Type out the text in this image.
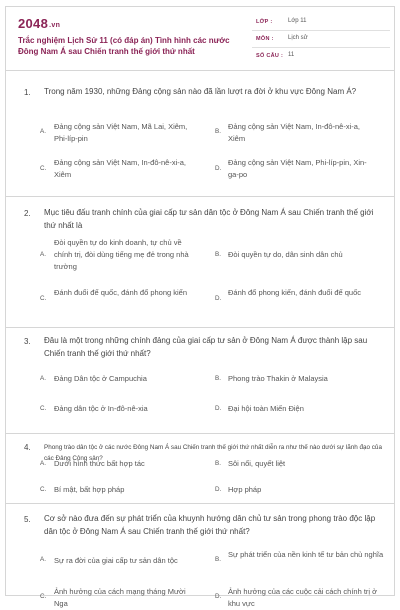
2048.vn
Trắc nghiệm Lịch Sử 11 (có đáp án) Tình hình các nước Đông Nam Á sau Chiến tranh thế giới thứ nhất
LỚP :	Lớp 11
MÔN : Lịch sử
SỐ CÂU : 11
1. Trong năm 1930, những Đảng cộng sản nào đã lần lượt ra đời ở khu vực Đông Nam Á?
A.
Đảng cộng sản Việt Nam, Mã Lai, Xiêm, Phi-líp-pin
B.
Đảng cộng sản Việt Nam, In-đô-nê-xi-a, Xiêm
C.
Đảng cộng sản Việt Nam, In-đô-nê-xi-a, Xiêm
D.
Đảng cộng sản Việt Nam, Phi-líp-pin, Xin-ga-po
2. Mục tiêu đấu tranh chính của giai cấp tư sản dân tộc ở Đông Nam Á sau Chiến tranh thế giới thứ nhất là
A.
Đòi quyền tự do kinh doanh, tự chủ về chính trị, đòi dùng tiếng mẹ đẻ trong nhà trường
B. Đòi quyền tự do, dân sinh dân chủ
C.
Đánh đuổi đế quốc, đánh đổ phong kiến
D.
Đánh đổ phong kiến, đánh đuổi đế quốc
3. Đâu là một trong những chính đảng của giai cấp tư sản ở Đông Nam Á được thành lập sau Chiến tranh thế giới thứ nhất?
A. Đảng Dân tộc ở Campuchia	B. Phong trào Thakin ở Malaysia
C. Đảng dân tộc ở In-đô-nê-xia	D. Đại hội toàn Miến Điện
4. Phong trào dân tộc ở các nước Đông Nam Á sau Chiến tranh thế giới thứ nhất diễn ra như thế nào dưới sự lãnh đạo của các Đảng Cộng sản?
A. Dưới hình thức bất hợp tác	B. Sôi nổi, quyết liệt
C. Bí mật, bất hợp pháp	D. Hợp pháp
5. Cơ sở nào đưa đến sự phát triển của khuynh hướng dân chủ tư sản trong phong trào độc lập dân tộc ở Đông Nam Á sau Chiến tranh thế giới thứ nhất?
A. Sự ra đời của giai cấp tư sản dân tộc	B.
Sự phát triển của nền kinh tế tư bản chủ nghĩa
C.
Ảnh hưởng của cách mạng tháng Mười Nga
D.
Ảnh hưởng của các cuộc cải cách chính trị ở khu vực
